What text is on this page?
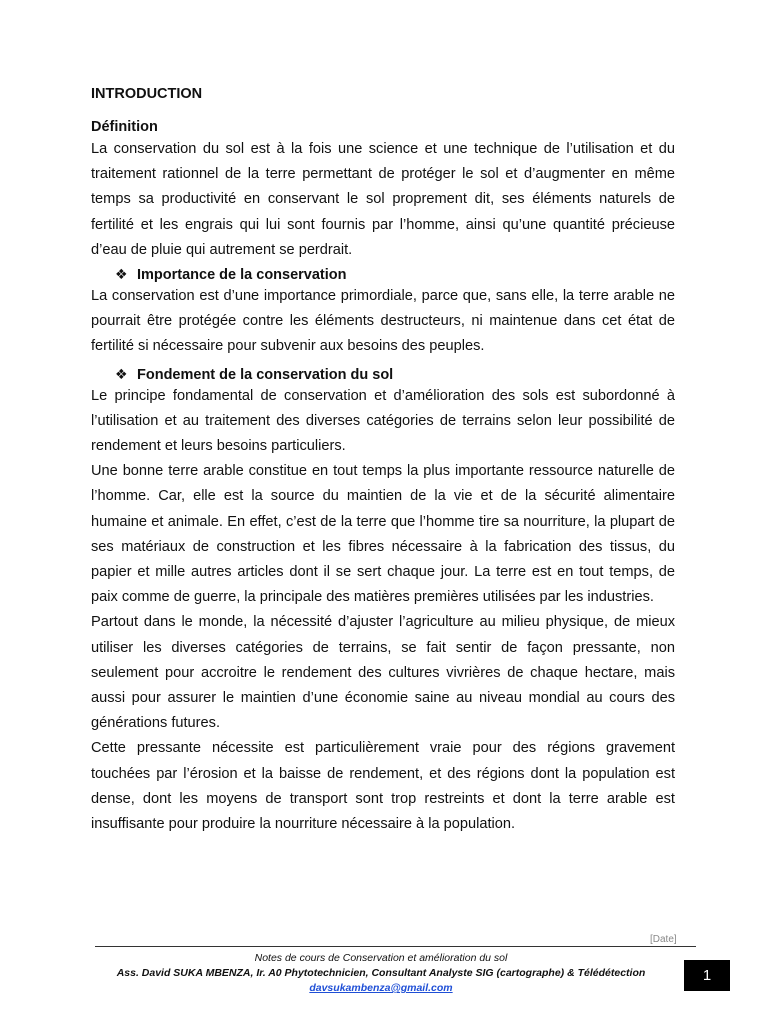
INTRODUCTION
Définition

La conservation du sol est à la fois une science et une technique de l’utilisation et du traitement rationnel de la terre permettant de protéger le sol et d’augmenter en même temps sa productivité en conservant le sol proprement dit, ses éléments naturels de fertilité et les engrais qui lui sont fournis par l’homme, ainsi qu’une quantité précieuse d’eau de pluie qui autrement se perdrait.

❖ Importance de la conservation

La conservation est d’une importance primordiale, parce que, sans elle, la terre arable ne pourrait être protégée contre les éléments destructeurs, ni maintenue dans cet état de fertilité si nécessaire pour subvenir aux besoins des peuples.

❖ Fondement de la conservation du sol

Le principe fondamental de conservation et d’amélioration des sols est subordonné à l’utilisation et au traitement des diverses catégories de terrains selon leur possibilité de rendement et leurs besoins particuliers.

Une bonne terre arable constitue en tout temps la plus importante ressource naturelle de l’homme. Car, elle est la source du maintien de la vie et de la sécurité alimentaire humaine et animale. En effet, c’est de la terre que l’homme tire sa nourriture, la plupart de ses matériaux de construction et les fibres nécessaire à la fabrication des tissus, du papier et mille autres articles dont il se sert chaque jour. La terre est en tout temps, de paix comme de guerre, la principale des matières premières utilisées par les industries.

Partout dans le monde, la nécessité d’ajuster l’agriculture au milieu physique, de mieux utiliser les diverses catégories de terrains, se fait sentir de façon pressante, non seulement pour accroitre le rendement des cultures vivrières de chaque hectare, mais aussi pour assurer le maintien d’une économie saine au niveau mondial au cours des générations futures.

Cette pressante nécessite est particulièrement vraie pour des régions gravement touchées par l’érosion et la baisse de rendement, et des régions dont la population est dense, dont les moyens de transport sont trop restreints et dont la terre arable est insuffisante pour produire la nourriture nécessaire à la population.

[Date]
Notes de cours de Conservation et amélioration du sol
Ass. David SUKA MBENZA, Ir. A0 Phytotechnicien, Consultant Analyste SIG (cartographe) & Télédétection
davsukambenza@gmail.com
1
